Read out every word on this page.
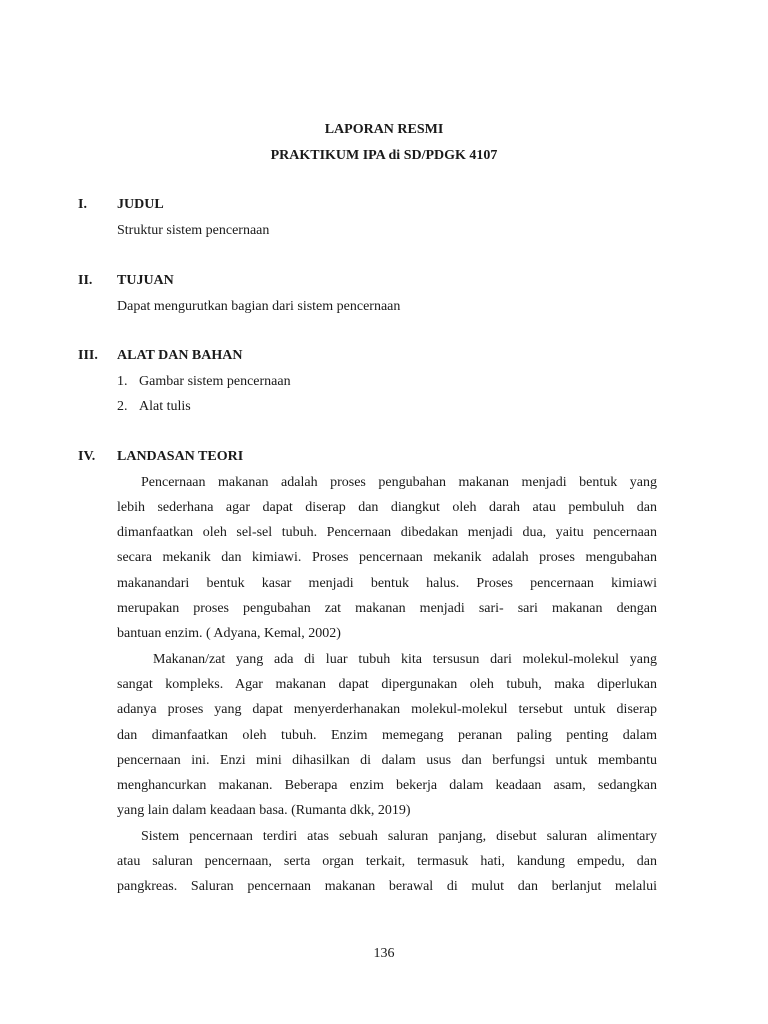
LAPORAN RESMI
PRAKTIKUM IPA di SD/PDGK 4107
I. JUDUL
Struktur sistem pencernaan
II. TUJUAN
Dapat mengurutkan bagian dari sistem pencernaan
III. ALAT DAN BAHAN
1. Gambar sistem pencernaan
2. Alat tulis
IV. LANDASAN TEORI

Pencernaan makanan adalah proses pengubahan makanan menjadi bentuk yang

lebih sederhana agar dapat diserap dan diangkut oleh darah atau pembuluh dan

dimanfaatkan oleh sel-sel tubuh. Pencernaan dibedakan menjadi dua, yaitu pencernaan

secara mekanik dan kimiawi. Proses pencernaan mekanik adalah proses mengubahan

makanandari bentuk kasar menjadi bentuk halus. Proses pencernaan kimiawi

merupakan proses pengubahan zat makanan menjadi sari- sari makanan dengan

bantuan enzim. ( Adyana, Kemal, 2002)

Makanan/zat yang ada di luar tubuh kita tersusun dari molekul-molekul yang

sangat kompleks. Agar makanan dapat dipergunakan oleh tubuh, maka diperlukan

adanya proses yang dapat menyerderhanakan molekul-molekul tersebut untuk diserap

dan dimanfaatkan oleh tubuh. Enzim memegang peranan paling penting dalam

pencernaan ini. Enzi mini dihasilkan di dalam usus dan berfungsi untuk membantu

menghancurkan makanan. Beberapa enzim bekerja dalam keadaan asam, sedangkan

yang lain dalam keadaan basa. (Rumanta dkk, 2019)

Sistem pencernaan terdiri atas sebuah saluran panjang, disebut saluran alimentary

atau saluran pencernaan, serta organ terkait, termasuk hati, kandung empedu, dan

pangkreas. Saluran pencernaan makanan berawal di mulut dan berlanjut melalui

136
